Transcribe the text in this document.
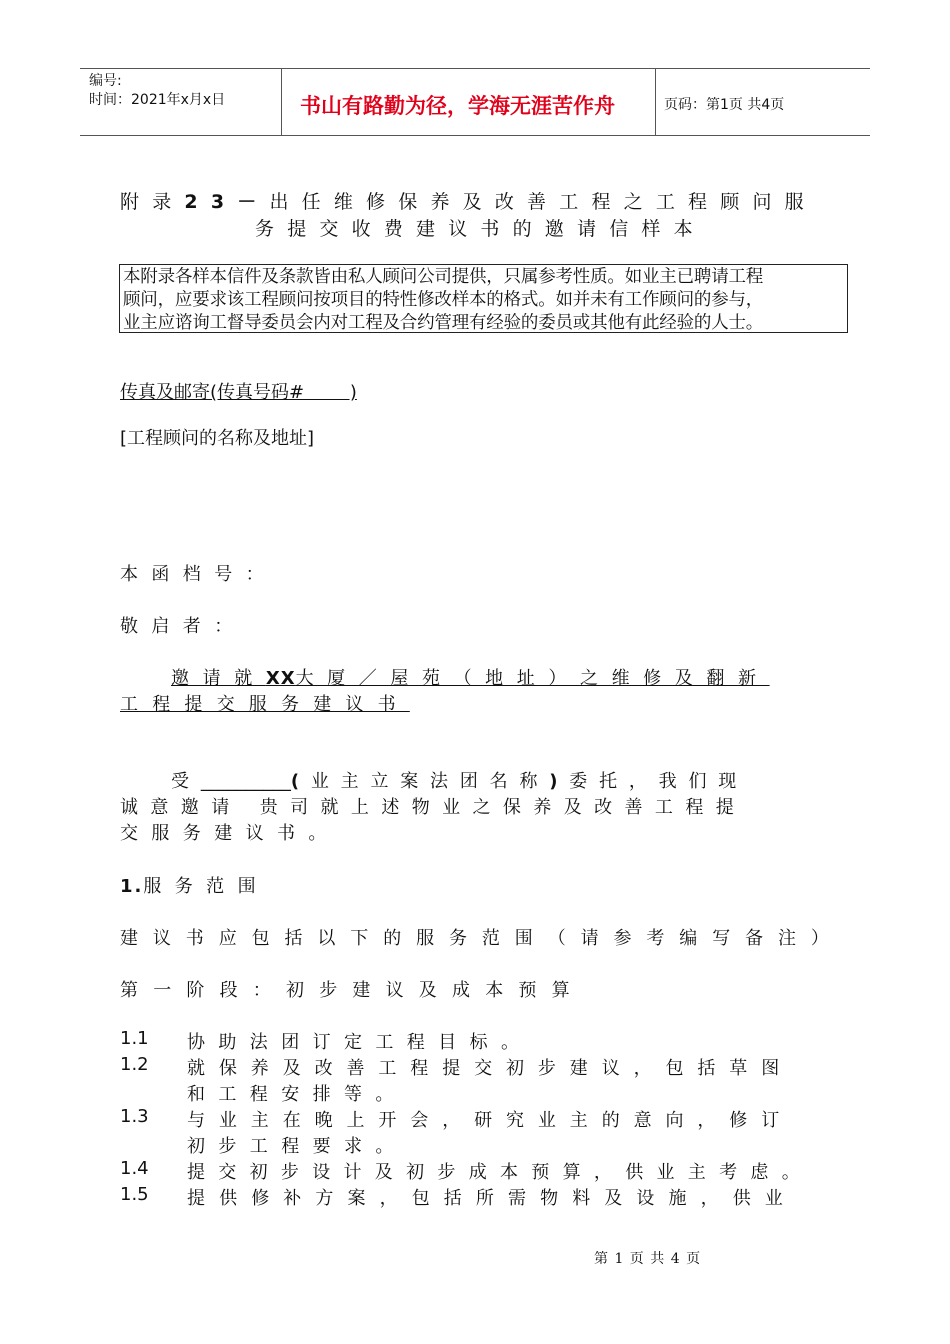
编号:
时间：2021年x月x日	书山有路勤为径，学海无涯苦作舟	页码：第1页 共4页
附录23－出任维修保养及改善工程之工程顾问服
务提交收费建议书的邀请信样本
本附录各样本信件及条款皆由私人顾问公司提供，只属参考性质。如业主已聘请工程
顾问，应要求该工程顾问按项目的特性修改样本的格式。如并未有工作顾问的参与，
业主应谘询工督导委员会内对工程及合约管理有经验的委员或其他有此经验的人士。
传真及邮寄(传真号码#        )
[工程顾问的名称及地址]
本函档号：
敬启者：
邀请就XX大厦／屋苑（地址）之维修及翻新
工程提交服务建议书
受__________(业主立案法团名称)委托，我们现
诚意邀请 贵司就上述物业之保养及改善工程提
交服务建议书。
1.服务范围
建议书应包括以下的服务范围（请参考编写备注）
第一阶段：初步建议及成本预算
1.1 协助法团订定工程目标。
1.2 就保养及改善工程提交初步建议，包括草图
和工程安排等。
1.3 与业主在晚上开会，研究业主的意向，修订
初步工程要求。
1.4 提交初步设计及初步成本预算，供业主考虑。
1.5 提供修补方案，包括所需物料及设施，供业
第 1 页 共 4 页
